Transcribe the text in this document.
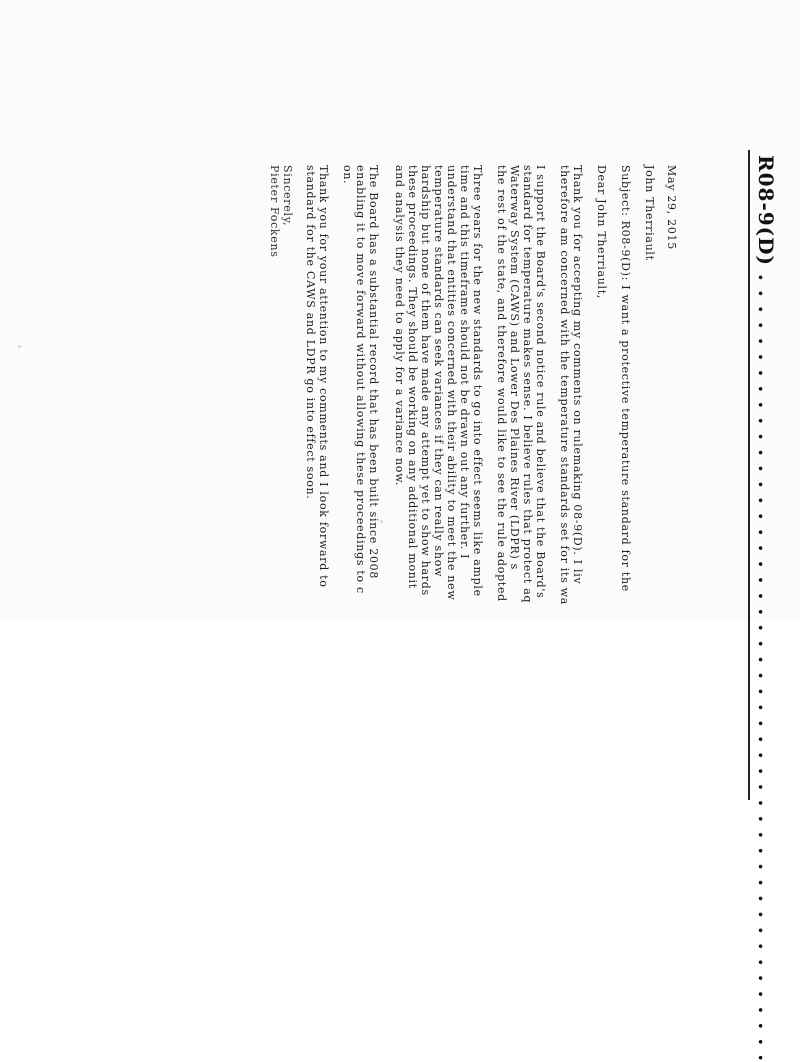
R08-9(D) . . . . . . . . . . . . . . . . . . . . . . . . . . . . . . . . . . . . . . . . . . . . . . . . . .
May 29, 2015
John Therriault
Subject: R08-9(D): I want a protective temperature standard for the
Dear John Therriault,
Thank you for accepting my comments on rulemaking 08-9(D). I liv
therefore am concerned with the temperature standards set for its wa
I support the Board's second notice rule and believe that the Board's
standard for temperature makes sense. I believe rules that protect aq
Waterway System (CAWS) and Lower Des Plaines River (LDPR) s
the rest of the state, and therefore would like to see the rule adopted
Three years for the new standards to go into effect seems like ample
time and this timeframe should not be drawn out any further. I
understand that entities concerned with their ability to meet the new
temperature standards can seek variances if they can really show
hardship but none of them have made any attempt yet to show hards
these proceedings. They should be working on any additional monit
and analysis they need to apply for a variance now.
The Board has a substantial record that has been built since 2008
enabling it to move forward without allowing these proceedings to c
on.
Thank you for your attention to my comments and I look forward to
standard for the CAWS and LDPR go into effect soon.
Sincerely,
Pieter Fockens
